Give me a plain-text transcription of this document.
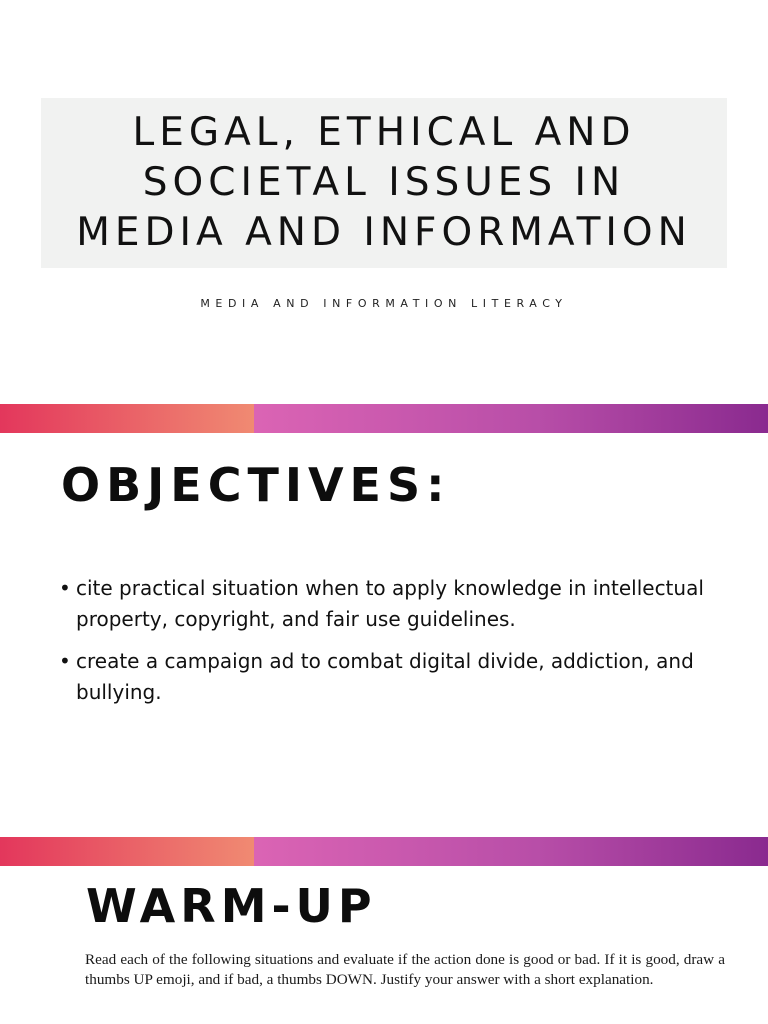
LEGAL, ETHICAL AND
SOCIETAL ISSUES IN
MEDIA AND INFORMATION
MEDIA AND INFORMATION LITERACY
OBJECTIVES:
• cite practical situation when to apply knowledge in intellectual property, copyright, and fair use guidelines.
• create a campaign ad to combat digital divide, addiction, and bullying.
WARM-UP
Read each of the following situations and evaluate if the action done is good or bad. If it is good, draw a thumbs UP emoji, and if bad, a thumbs DOWN. Justify your answer with a short explanation.
